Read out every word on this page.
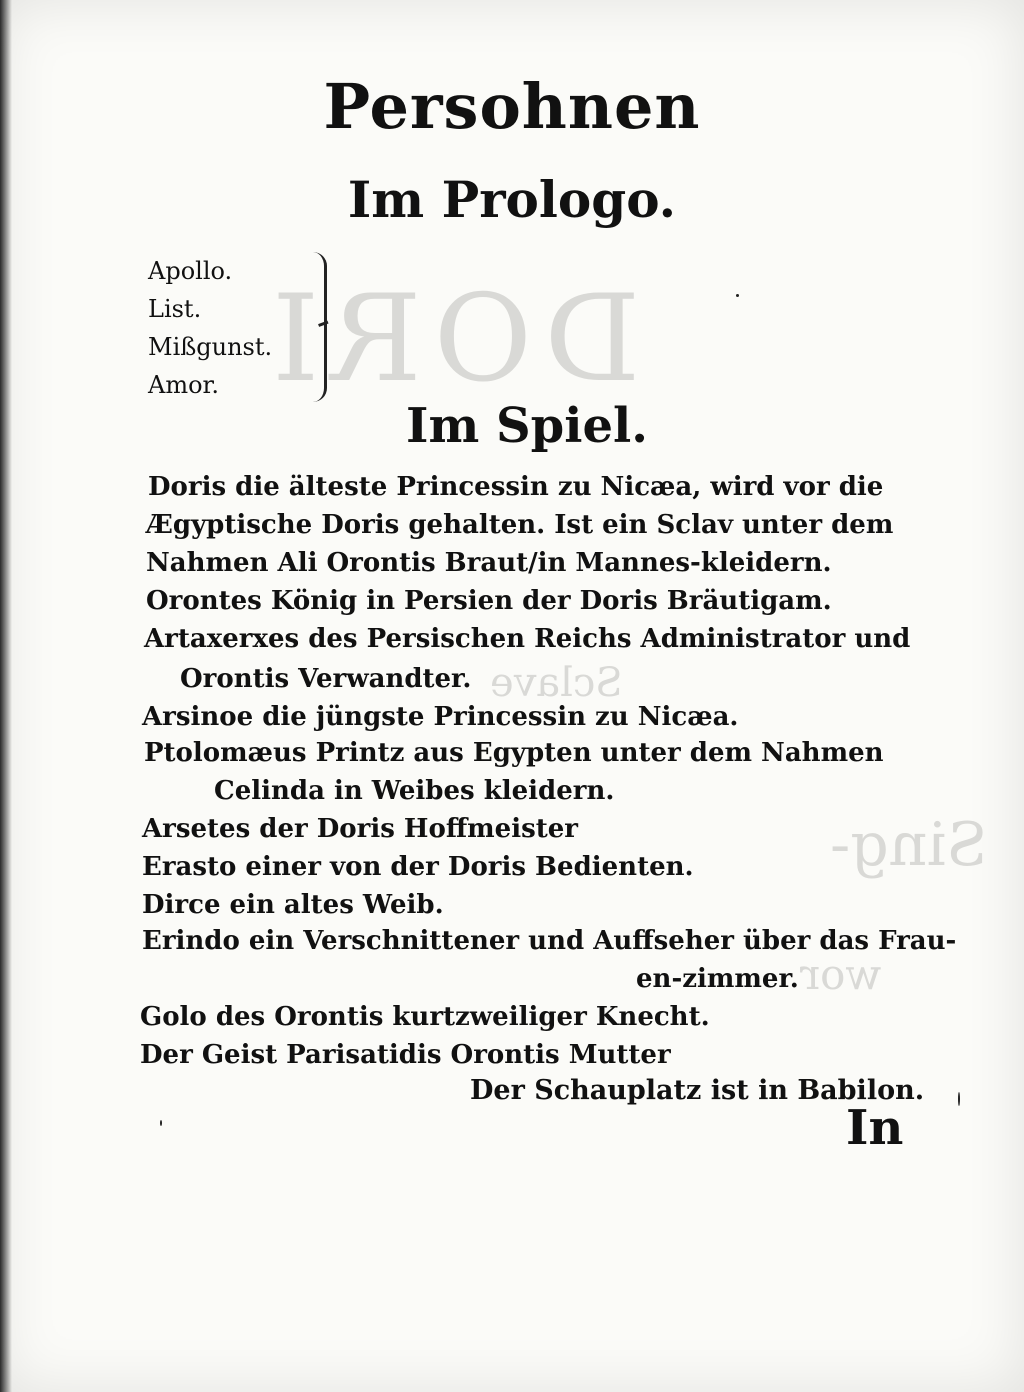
DORI
Sclave
Sing-
wor
Persohnen
Im Prologo.
Apollo.
List.
Mißgunst.
Amor.
Im Spiel.
Doris die älteste Princessin zu Nicæa, wird vor die
Ægyptische Doris gehalten. Ist ein Sclav unter dem
Nahmen Ali Orontis Braut/in Mannes-kleidern.
Orontes König in Persien der Doris Bräutigam.
Artaxerxes des Persischen Reichs Administrator und
Orontis Verwandter.
Arsinoe die jüngste Princessin zu Nicæa.
Ptolomæus Printz aus Egypten unter dem Nahmen
Celinda in Weibes kleidern.
Arsetes der Doris Hoffmeister
Erasto einer von der Doris Bedienten.
Dirce ein altes Weib.
Erindo ein Verschnittener und Auffseher über das Frau-
en-zimmer.
Golo des Orontis kurtzweiliger Knecht.
Der Geist Parisatidis Orontis Mutter
Der Schauplatz ist in Babilon.
In
